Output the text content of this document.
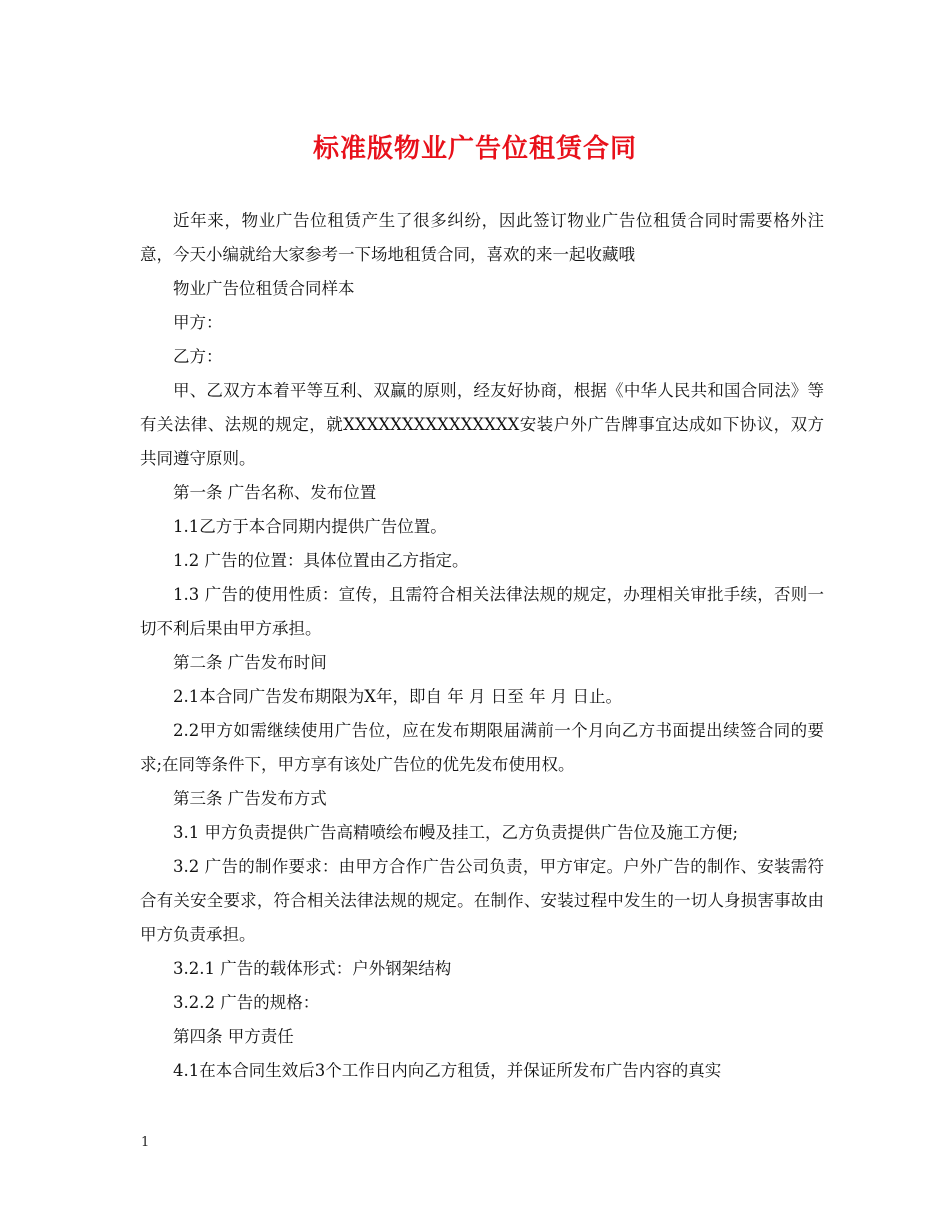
标准版物业广告位租赁合同

近年来，物业广告位租赁产生了很多纠纷，因此签订物业广告位租赁合同时需要格外注意，今天小编就给大家参考一下场地租赁合同，喜欢的来一起收藏哦

物业广告位租赁合同样本

甲方：

乙方：

甲、乙双方本着平等互利、双赢的原则，经友好协商，根据《中华人民共和国合同法》等有关法律、法规的规定，就XXXXXXXXXXXXXXX安装户外广告牌事宜达成如下协议，双方共同遵守原则。

第一条 广告名称、发布位置

1.1乙方于本合同期内提供广告位置。

1.2 广告的位置：具体位置由乙方指定。

1.3 广告的使用性质：宣传，且需符合相关法律法规的规定，办理相关审批手续，否则一切不利后果由甲方承担。

第二条 广告发布时间

2.1本合同广告发布期限为X年，即自 年 月 日至 年 月 日止。

2.2甲方如需继续使用广告位，应在发布期限届满前一个月向乙方书面提出续签合同的要求;在同等条件下，甲方享有该处广告位的优先发布使用权。

第三条 广告发布方式

3.1 甲方负责提供广告高精喷绘布幔及挂工，乙方负责提供广告位及施工方便;

3.2 广告的制作要求：由甲方合作广告公司负责，甲方审定。户外广告的制作、安装需符合有关安全要求，符合相关法律法规的规定。在制作、安装过程中发生的一切人身损害事故由甲方负责承担。

3.2.1 广告的载体形式：户外钢架结构

3.2.2 广告的规格：

第四条 甲方责任

4.1在本合同生效后3个工作日内向乙方租赁，并保证所发布广告内容的真实

1
